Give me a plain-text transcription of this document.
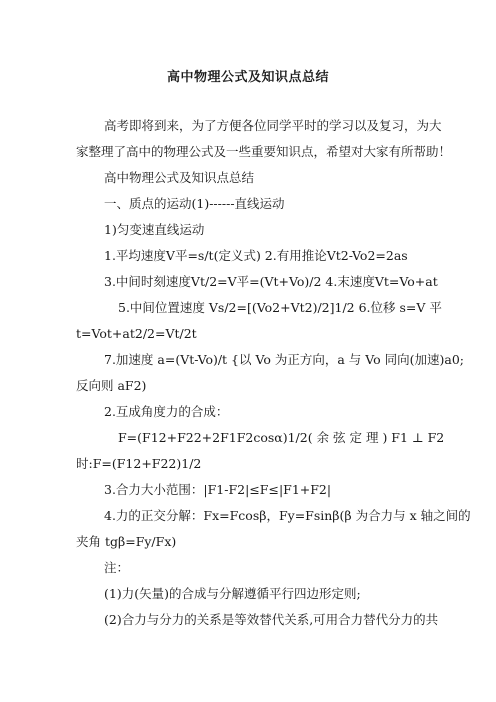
高中物理公式及知识点总结
高考即将到来，为了方便各位同学平时的学习以及复习，为大
家整理了高中的物理公式及一些重要知识点，希望对大家有所帮助！
高中物理公式及知识点总结
一、质点的运动(1)------直线运动
1)匀变速直线运动
1.平均速度V平=s/t(定义式) 2.有用推论Vt2-Vo2=2as
3.中间时刻速度Vt/2=V平=(Vt+Vo)/2 4.末速度Vt=Vo+at
5.中间位置速度 Vs/2=[(Vo2+Vt2)/2]1/2 6.位移 s=V 平
t=Vot+at2/2=Vt/2t
7.加速度 a=(Vt-Vo)/t {以 Vo 为正方向，a 与 Vo 同向(加速)a0;
反向则 aF2)
2.互成角度力的合成：
F=(F12+F22+2F1F2cosα)1/2( 余 弦 定 理 ) F1 ⊥ F2
时:F=(F12+F22)1/2
3.合力大小范围：|F1-F2|≤F≤|F1+F2|
4.力的正交分解：Fx=Fcosβ，Fy=Fsinβ(β 为合力与 x 轴之间的
夹角 tgβ=Fy/Fx)
注：
(1)力(矢量)的合成与分解遵循平行四边形定则;
(2)合力与分力的关系是等效替代关系,可用合力替代分力的共
